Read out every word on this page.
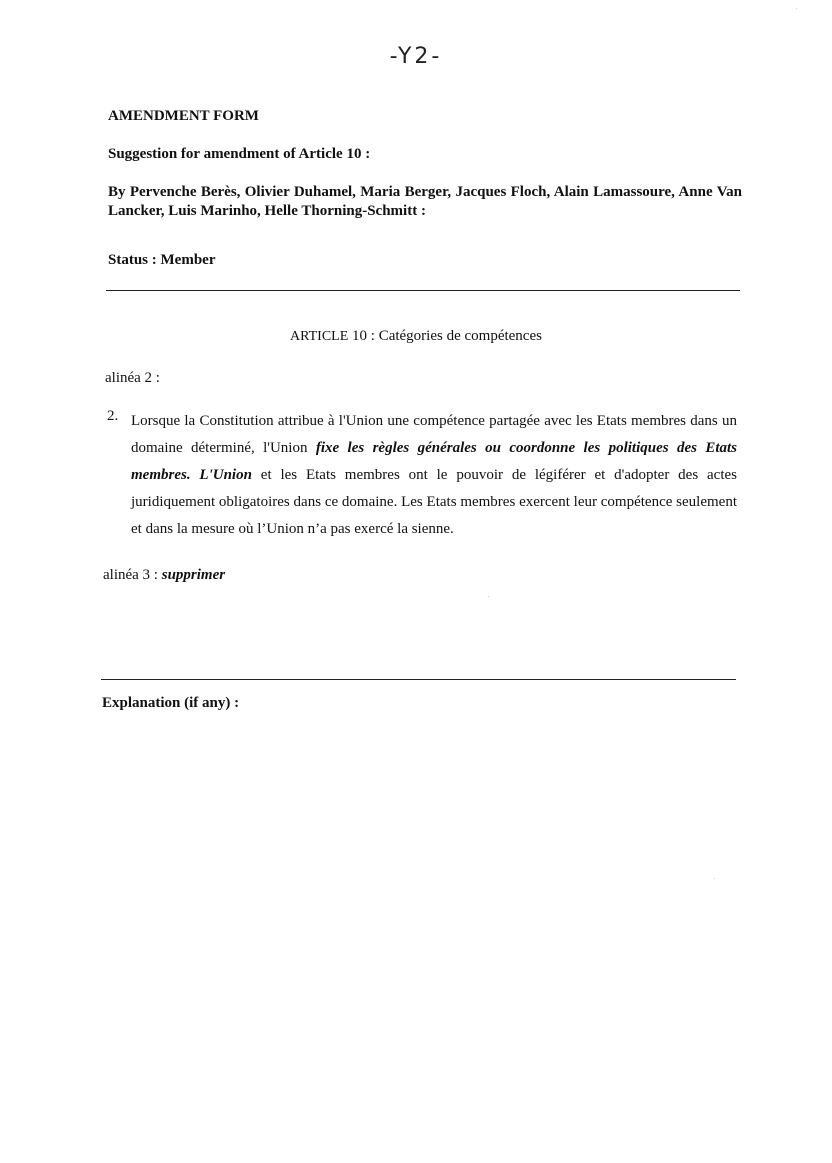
-Y2-
AMENDMENT FORM
Suggestion for amendment of Article 10 :
By Pervenche Berès, Olivier Duhamel, Maria Berger, Jacques Floch, Alain Lamassoure, Anne Van Lancker, Luis Marinho, Helle Thorning-Schmitt :
Status : Member
ARTICLE 10 : Catégories de compétences
alinéa 2 :
2. Lorsque la Constitution attribue à l'Union une compétence partagée avec les Etats membres dans un domaine déterminé, l'Union fixe les règles générales ou coordonne les politiques des Etats membres. L'Union et les Etats membres ont le pouvoir de légiférer et d'adopter des actes juridiquement obligatoires dans ce domaine. Les Etats membres exercent leur compétence seulement et dans la mesure où l’Union n’a pas exercé la sienne.
alinéa 3 : supprimer
Explanation (if any) :
